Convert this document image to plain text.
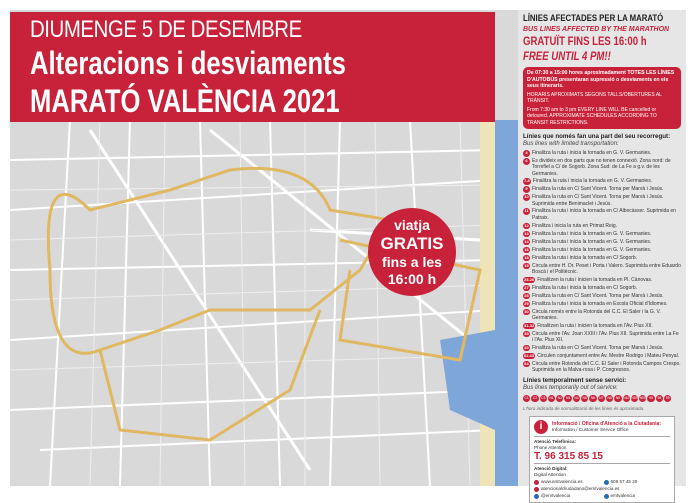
DIUMENGE 5 DE DESEMBRE
Alteracions i desviaments
MARATÓ VALÈNCIA 2021
viatja
GRATIS
fins a les
16:00 h
LÍNIES AFECTADES PER LA MARATÓ
BUS LINES AFFECTED BY THE MARATHON
GRATUÏT FINS LES 16:00 h
FREE UNTIL 4 PM!!
De 07:30 a 15:00 hores aproximadament TOTES LES LÍNIES D'AUTOBÚS presentaran supressió o desviaments en els seus itineraris.

HORARIS APROXIMATS SEGONS TALLS/OBERTURES AL TRÀNSIT.

From 7:30 am to 3 pm EVERY LINE WILL BE cancelled or detoured. APPROXIMATE SCHEDULES ACCORDING TO TRANSIT RESTRICTIONS.

Línies que només fan una part del seu recorregut:
Bus lines with limited transportation:
4 Finalitza la ruta i inicia la tornada en G. V. Germanies.
6 Es divideix en dos parts que no tenen connexió. Zona nord: de Torrefiel a C/ de Sogorb. Zona Sud: de La Fe a g.v. de les Germanies.
7-8 Finalitza la ruta i inicia la tornada en G. V. Germanies.
9 Finalitza la ruta en C/ Sant Vicent. Torna per Marvà i Jesús.
10 Finalitza la ruta en C/ Sant Vicent. Torna per Marvà i Jesús. Suprimida entre Benimaclet i Jesús.
11 Finalitza la ruta i inicia la tornada en C/ Albocàsser. Suprimida en Patraix.
12 Finalitza i inicia la ruta en Primat Reig.
13 Finalitza la ruta i inicia la tornada en G. V. Germanies.
14 Finalitza la ruta i inicia la tornada en G. V. Germanies.
16 Finalitza la ruta i inicia la tornada en G. V. Germanies.
18 Finalitza la ruta i inicia la tornada en C/ Sogorb.
19 Circula entre H. Dr. Peset i Porta i Valero. Suprimida entre Eduardo Boscà i el Politècnic.
25-26 Finalitzen la ruta i inicien la tornada en Pl. Cànovas.
27 Finalitza la ruta i inicia la tornada en C/ Sogorb.
28 Finalitza la ruta en C/ Sant Vicent. Torna per Marvà i Jesús.
29 Finalitza la ruta i inicia la tornada en Escola Oficial d'Idiomes.
30 Circula només entre la Rotonda del C.C. El Saler i la G. V. Germanies.
31-32 Finalitzen la ruta i inicien la tornada en l'Av. Pius XII.
35 Circula entre l'Av. Joan XXIII i l'Av. Pius XII. Suprimida entre La Fe i l'Av. Pius XII.
40 Finalitza la ruta en C/ Sant Vicent. Torna per Marvà i Jesús.
62-63 Circulen conjuntament entre Av. Mestre Rodrigo i Mateu Penyal.
64 Circula entre Rotonda del C.C. El Saler i Rotonda Campos Crespo. Suprimida en la Malva-rosa i P. Congressos.
Línies temporalment sense servici:
Bus lines temporarily out of service:
C1	C2	C3	N1	N2	N3	N4	N5	N6	N7	N8	N9 N10 N89 N90 95	98	99
L'hora indicada de normalització de les línies és aproximada.
i	Informació / Oficina d'Atenció a la Ciutadania:
Information / Customer Service Office
Atenció Telefònica:
Phone Attention
T. 96 315 85 15
Atenció Digital:
Digital Attention
www.emtvalencia.es	608 57 45 20
atencionalcliudadano@emtvalencia.es
@emtvalencia	emtvalencia
